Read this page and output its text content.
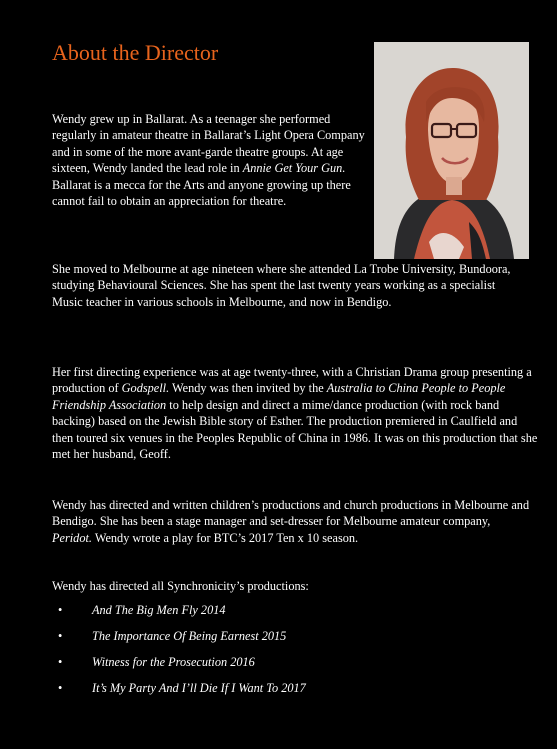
About the Director

Wendy grew up in Ballarat. As a teenager she performed regularly in amateur theatre in Ballarat’s Light Opera Company and in some of the more avant-garde theatre groups. At age sixteen, Wendy landed the lead role in Annie Get Your Gun. Ballarat is a mecca for the Arts and anyone growing up there cannot fail to obtain an appreciation for theatre.

She moved to Melbourne at age nineteen where she attended La Trobe University, Bundoora, studying Behavioural Sciences. She has spent the last twenty years working as a specialist Music teacher in various schools in Melbourne, and now in Bendigo.

Her first directing experience was at age twenty-three, with a Christian Drama group presenting a production of Godspell. Wendy was then invited by the Australia to China People to People Friendship Association to help design and direct a mime/dance production (with rock band backing) based on the Jewish Bible story of Esther. The production premiered in Caulfield and then toured six venues in the Peoples Republic of China in 1986. It was on this production that she met her husband, Geoff.

Wendy has directed and written children’s productions and church productions in Melbourne and Bendigo. She has been a stage manager and set-dresser for Melbourne amateur company, Peridot. Wendy wrote a play for BTC’s 2017 Ten x 10 season.

Wendy has directed all Synchronicity’s productions:

• And The Big Men Fly 2014
• The Importance Of Being Earnest 2015
• Witness for the Prosecution 2016
• It’s My Party And I’ll Die If I Want To 2017
